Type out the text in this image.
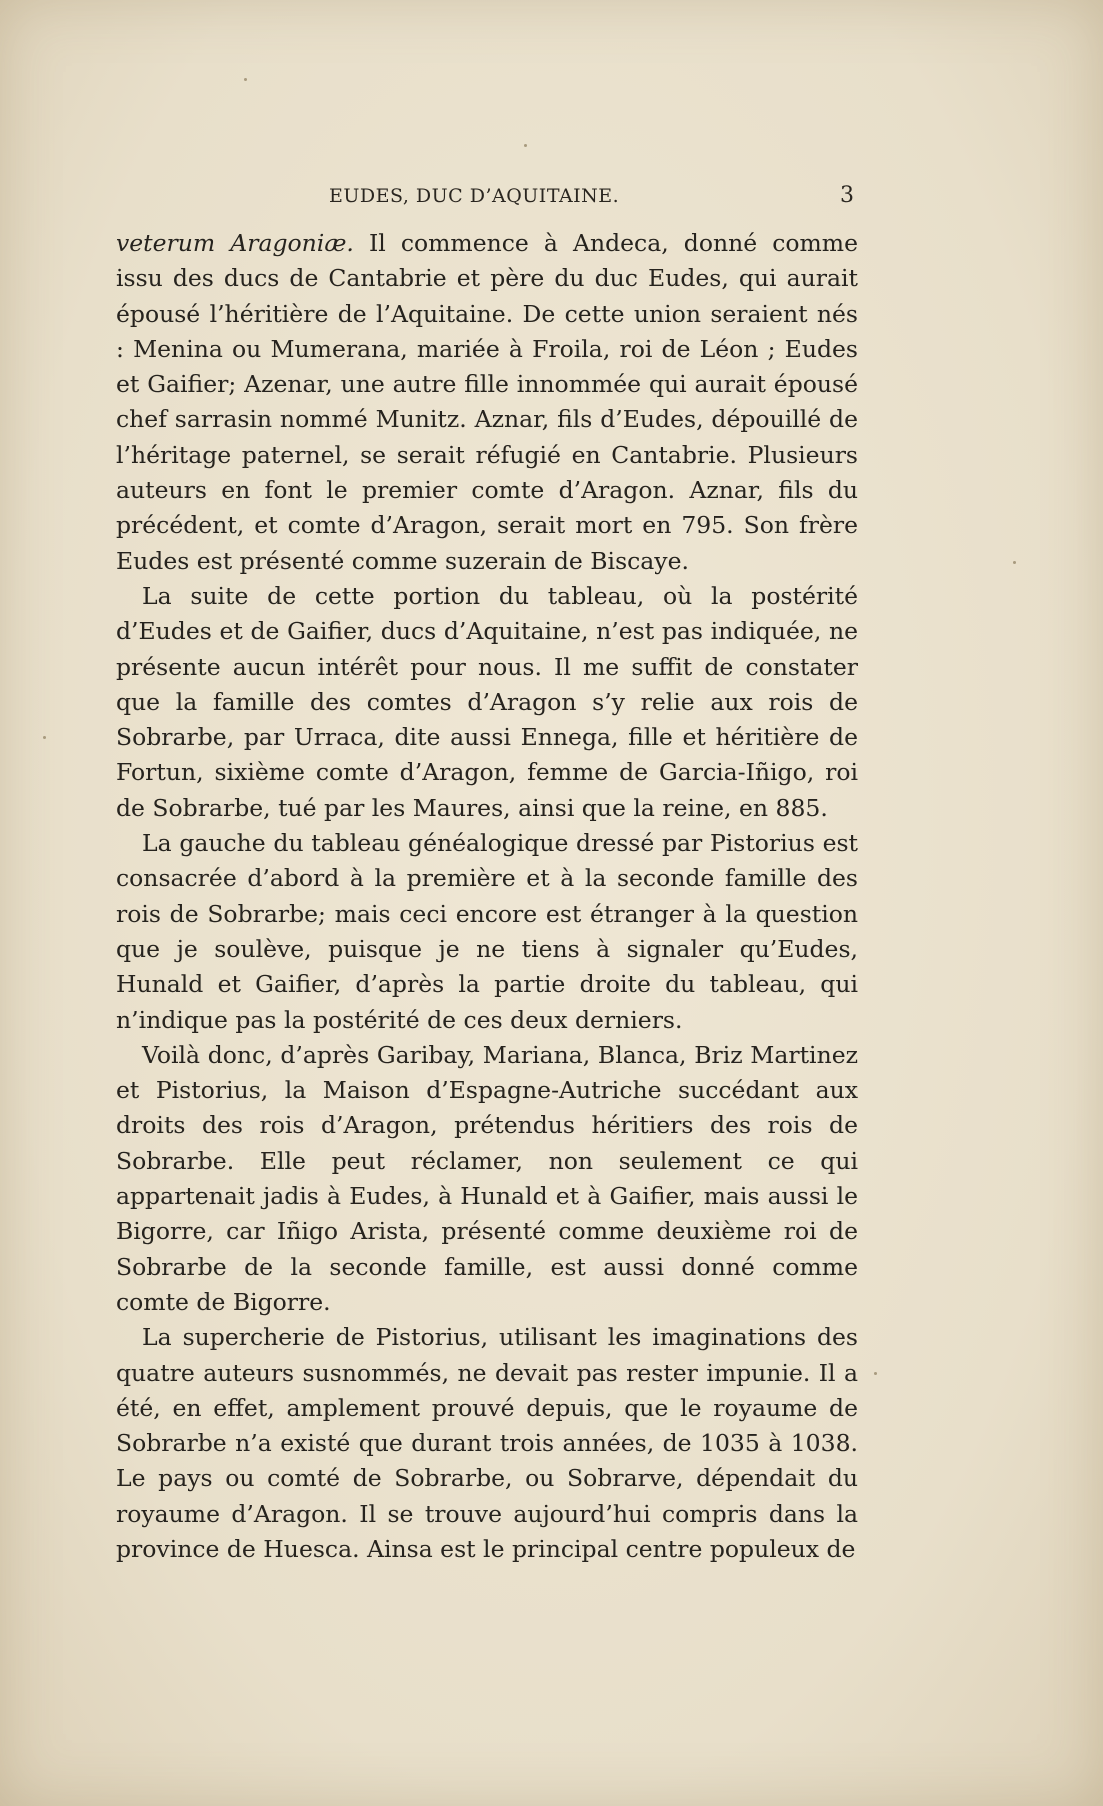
EUDES, DUC D’AQUITAINE.	3

veterum Aragoniæ. Il commence à Andeca, donné comme issu des ducs de Cantabrie et père du duc Eudes, qui aurait épousé l’héritière de l’Aquitaine. De cette union seraient nés : Menina ou Mumerana, mariée à Froila, roi de Léon ; Eudes et Gaifier; Azenar, une autre fille innommée qui aurait épousé chef sarrasin nommé Munitz. Aznar, fils d’Eudes, dépouillé de l’héritage paternel, se serait réfugié en Cantabrie. Plusieurs auteurs en font le premier comte d’Aragon. Aznar, fils du précédent, et comte d’Aragon, serait mort en 795. Son frère Eudes est présenté comme suzerain de Biscaye.

La suite de cette portion du tableau, où la postérité d’Eudes et de Gaifier, ducs d’Aquitaine, n’est pas indiquée, ne présente aucun intérêt pour nous. Il me suffit de constater que la famille des comtes d’Aragon s’y relie aux rois de Sobrarbe, par Urraca, dite aussi Ennega, fille et héritière de Fortun, sixième comte d’Aragon, femme de Garcia-Iñigo, roi de Sobrarbe, tué par les Maures, ainsi que la reine, en 885.

La gauche du tableau généalogique dressé par Pistorius est consacrée d’abord à la première et à la seconde famille des rois de Sobrarbe; mais ceci encore est étranger à la question que je soulève, puisque je ne tiens à signaler qu’Eudes, Hunald et Gaifier, d’après la partie droite du tableau, qui n’indique pas la postérité de ces deux derniers.

Voilà donc, d’après Garibay, Mariana, Blanca, Briz Martinez et Pistorius, la Maison d’Espagne-Autriche succédant aux droits des rois d’Aragon, prétendus héritiers des rois de Sobrarbe. Elle peut réclamer, non seulement ce qui appartenait jadis à Eudes, à Hunald et à Gaifier, mais aussi le Bigorre, car Iñigo Arista, présenté comme deuxième roi de Sobrarbe de la seconde famille, est aussi donné comme comte de Bigorre.

La supercherie de Pistorius, utilisant les imaginations des quatre auteurs susnommés, ne devait pas rester impunie. Il a été, en effet, amplement prouvé depuis, que le royaume de Sobrarbe n’a existé que durant trois années, de 1035 à 1038. Le pays ou comté de Sobrarbe, ou Sobrarve, dépendait du royaume d’Aragon. Il se trouve aujourd’hui compris dans la province de Huesca. Ainsa est le principal centre populeux de
